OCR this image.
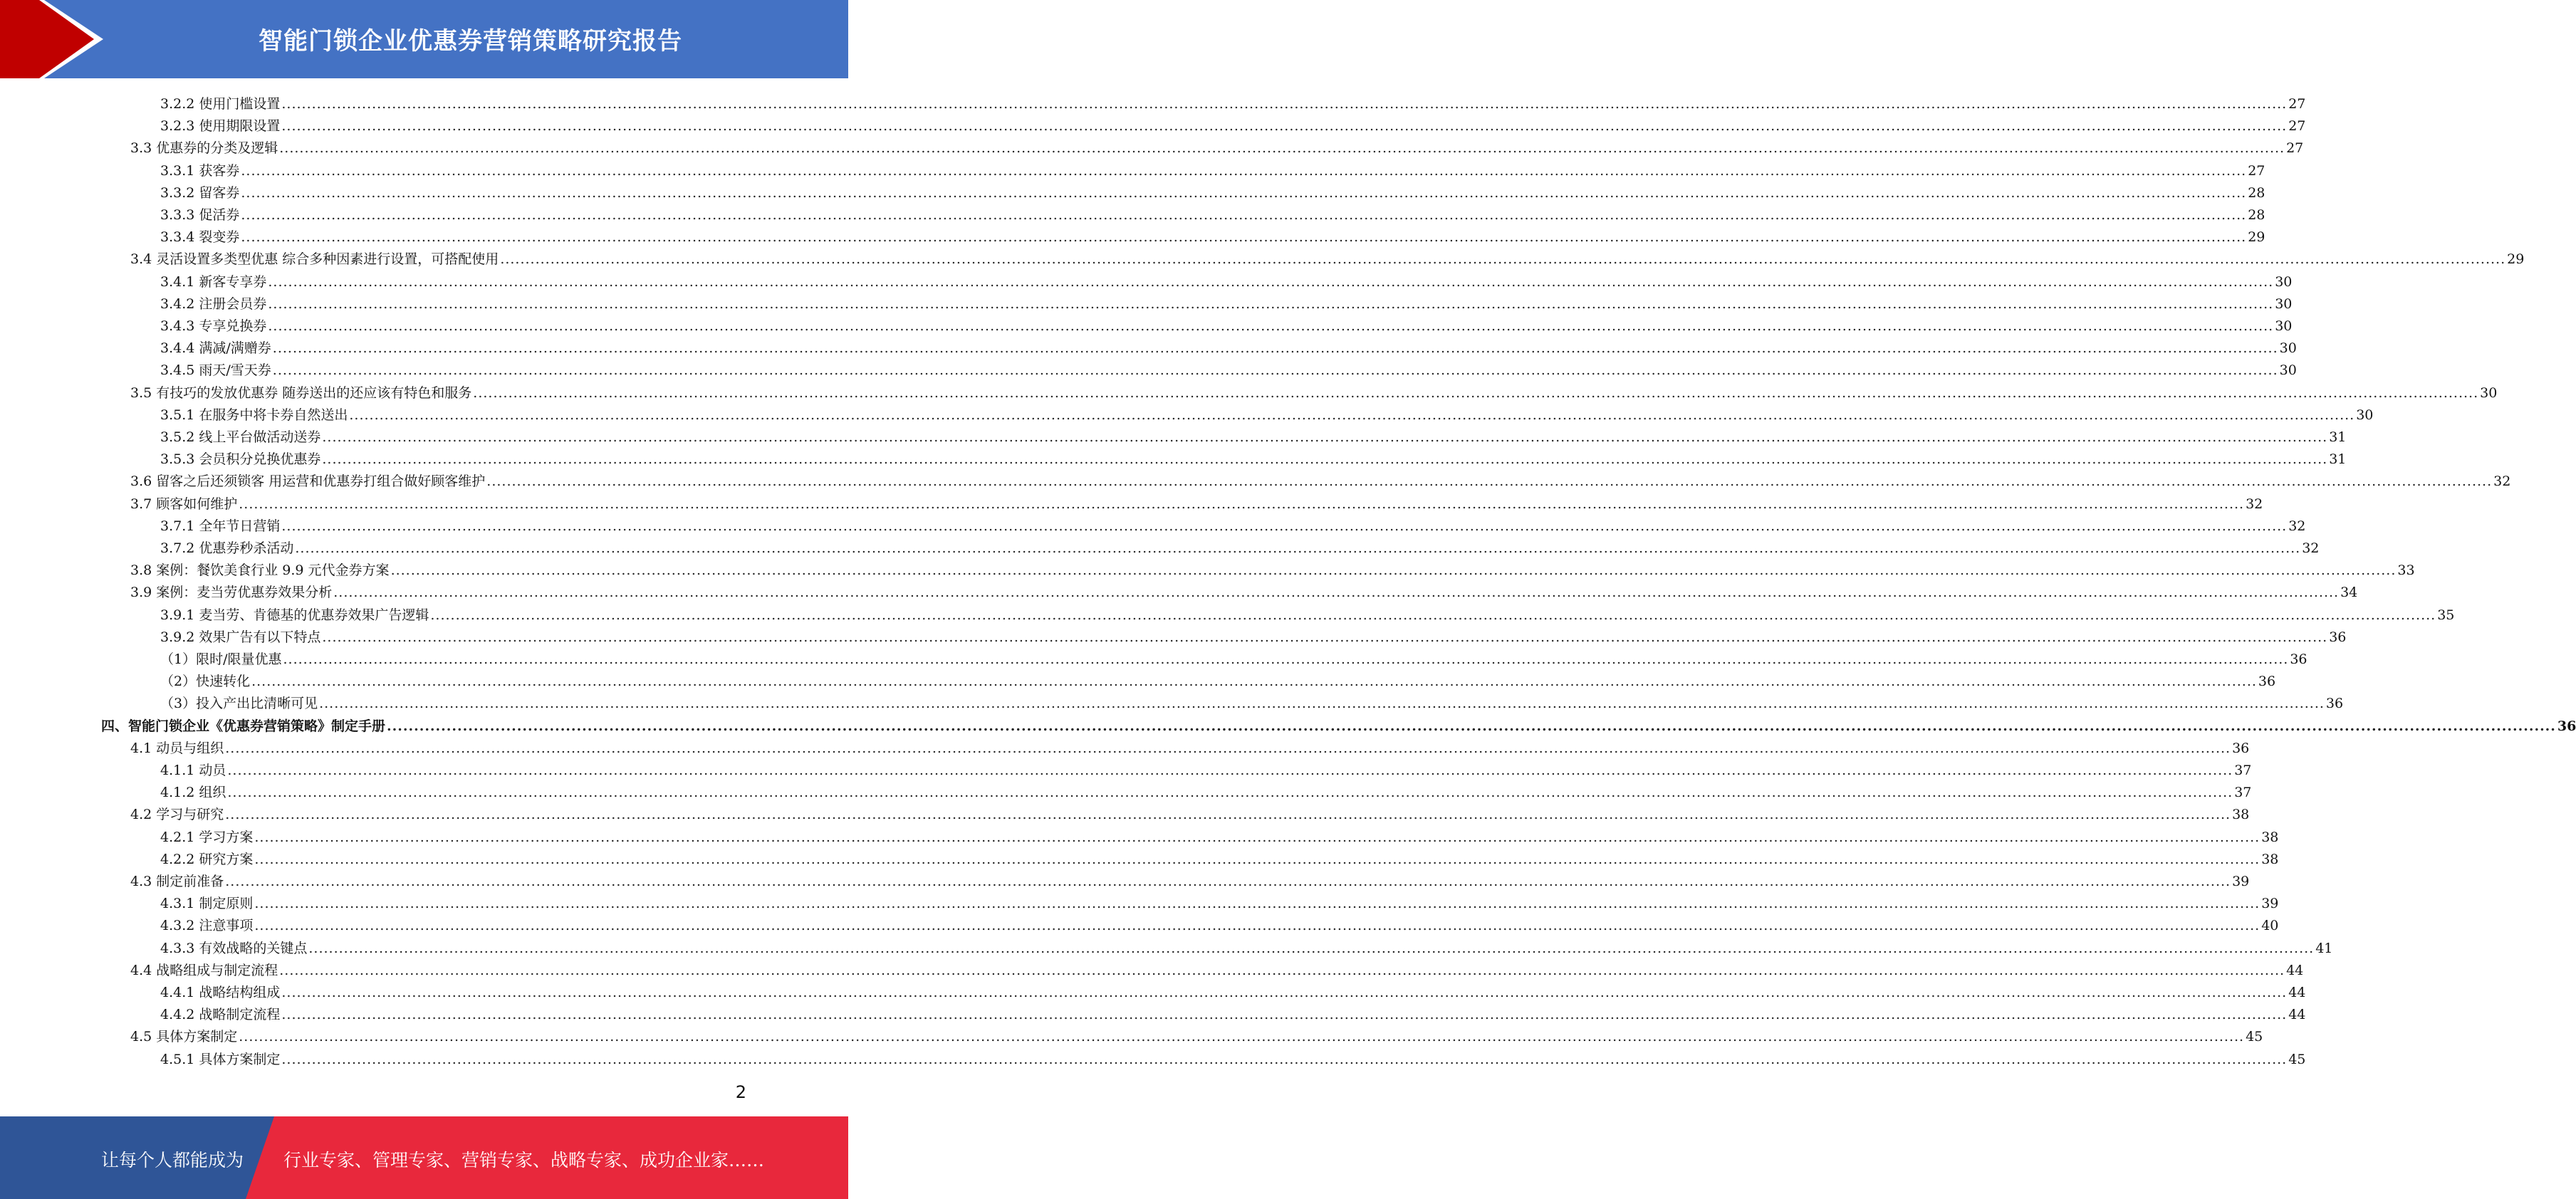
智能门锁企业优惠券营销策略研究报告
3.2.2 使用门槛设置 ................................................................................................................................................................................................................................................................................................................................................................................................................ 27
3.2.3 使用期限设置 ................................................................................................................................................................................................................................................................................................................................................................................................................ 27
3.3 优惠券的分类及逻辑 ................................................................................................................................................................................................................................................................................................................................................................................................................ 27
3.3.1 获客券 ................................................................................................................................................................................................................................................................................................................................................................................................................ 27
3.3.2 留客券 ................................................................................................................................................................................................................................................................................................................................................................................................................ 28
3.3.3 促活券 ................................................................................................................................................................................................................................................................................................................................................................................................................ 28
3.3.4 裂变券 ................................................................................................................................................................................................................................................................................................................................................................................................................ 29
3.4 灵活设置多类型优惠 综合多种因素进行设置，可搭配使用 ................................................................................................................................................................................................................................................................................................................................................................................................................ 29
3.4.1 新客专享券 ................................................................................................................................................................................................................................................................................................................................................................................................................ 30
3.4.2 注册会员券 ................................................................................................................................................................................................................................................................................................................................................................................................................ 30
3.4.3 专享兑换券 ................................................................................................................................................................................................................................................................................................................................................................................................................ 30
3.4.4 满减/满赠券 ................................................................................................................................................................................................................................................................................................................................................................................................................ 30
3.4.5 雨天/雪天券 ................................................................................................................................................................................................................................................................................................................................................................................................................ 30
3.5 有技巧的发放优惠券 随券送出的还应该有特色和服务 ................................................................................................................................................................................................................................................................................................................................................................................................................ 30
3.5.1 在服务中将卡券自然送出 ................................................................................................................................................................................................................................................................................................................................................................................................................ 30
3.5.2 线上平台做活动送券 ................................................................................................................................................................................................................................................................................................................................................................................................................ 31
3.5.3 会员积分兑换优惠券 ................................................................................................................................................................................................................................................................................................................................................................................................................ 31
3.6 留客之后还须锁客 用运营和优惠券打组合做好顾客维护 ................................................................................................................................................................................................................................................................................................................................................................................................................ 32
3.7 顾客如何维护 ................................................................................................................................................................................................................................................................................................................................................................................................................ 32
3.7.1 全年节日营销 ................................................................................................................................................................................................................................................................................................................................................................................................................ 32
3.7.2 优惠券秒杀活动 ................................................................................................................................................................................................................................................................................................................................................................................................................ 32
3.8 案例：餐饮美食行业 9.9 元代金券方案 ................................................................................................................................................................................................................................................................................................................................................................................................................ 33
3.9 案例：麦当劳优惠券效果分析 ................................................................................................................................................................................................................................................................................................................................................................................................................ 34
3.9.1 麦当劳、肯德基的优惠券效果广告逻辑 ................................................................................................................................................................................................................................................................................................................................................................................................................ 35
3.9.2 效果广告有以下特点 ................................................................................................................................................................................................................................................................................................................................................................................................................ 36
（1）限时/限量优惠 ................................................................................................................................................................................................................................................................................................................................................................................................................ 36
（2）快速转化 ................................................................................................................................................................................................................................................................................................................................................................................................................ 36
（3）投入产出比清晰可见 ................................................................................................................................................................................................................................................................................................................................................................................................................ 36
四、智能门锁企业《优惠券营销策略》制定手册 ................................................................................................................................................................................................................................................................................................................................................................................................................ 36
4.1 动员与组织 ................................................................................................................................................................................................................................................................................................................................................................................................................ 36
4.1.1 动员 ................................................................................................................................................................................................................................................................................................................................................................................................................ 37
4.1.2 组织 ................................................................................................................................................................................................................................................................................................................................................................................................................ 37
4.2 学习与研究 ................................................................................................................................................................................................................................................................................................................................................................................................................ 38
4.2.1 学习方案 ................................................................................................................................................................................................................................................................................................................................................................................................................ 38
4.2.2 研究方案 ................................................................................................................................................................................................................................................................................................................................................................................................................ 38
4.3 制定前准备 ................................................................................................................................................................................................................................................................................................................................................................................................................ 39
4.3.1 制定原则 ................................................................................................................................................................................................................................................................................................................................................................................................................ 39
4.3.2 注意事项 ................................................................................................................................................................................................................................................................................................................................................................................................................ 40
4.3.3 有效战略的关键点 ................................................................................................................................................................................................................................................................................................................................................................................................................ 41
4.4 战略组成与制定流程 ................................................................................................................................................................................................................................................................................................................................................................................................................ 44
4.4.1 战略结构组成 ................................................................................................................................................................................................................................................................................................................................................................................................................ 44
4.4.2 战略制定流程 ................................................................................................................................................................................................................................................................................................................................................................................................................ 44
4.5 具体方案制定 ................................................................................................................................................................................................................................................................................................................................................................................................................ 45
4.5.1 具体方案制定 ................................................................................................................................................................................................................................................................................................................................................................................................................ 45
2
让每个人都能成为 行业专家、管理专家、营销专家、战略专家、成功企业家……
